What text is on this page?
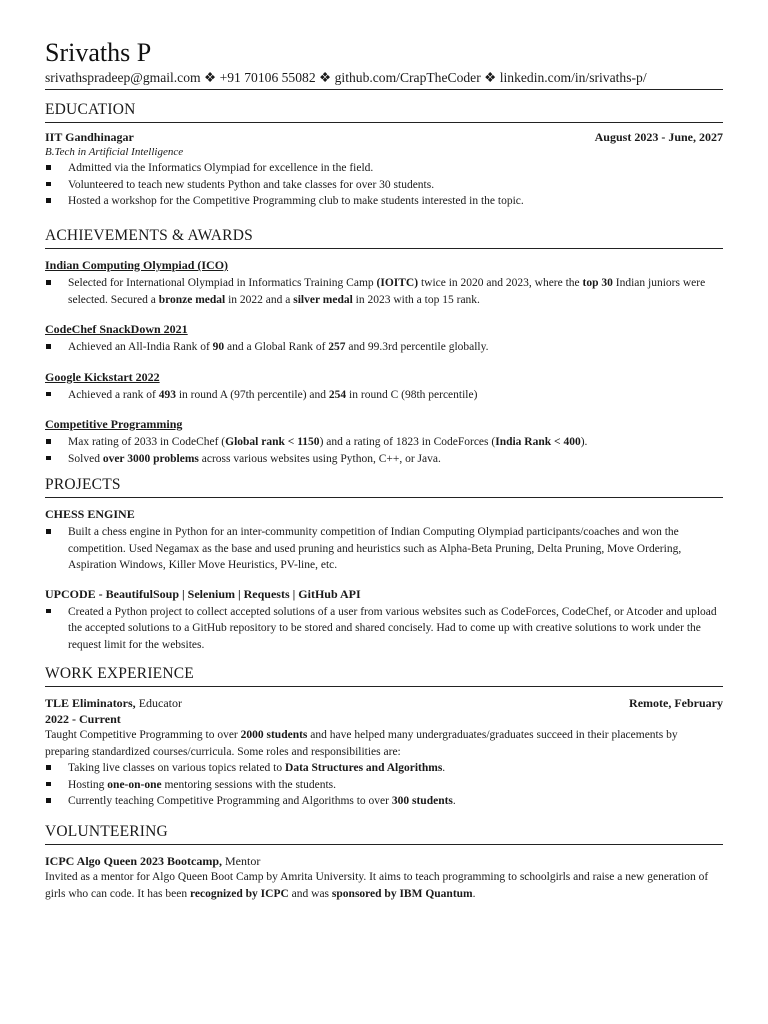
Srivaths P
srivathspradeep@gmail.com ❖ +91 70106 55082 ❖ github.com/CrapTheCoder ❖ linkedin.com/in/srivaths-p/
EDUCATION
IIT Gandhinagar	August 2023 - June, 2027
B.Tech in Artificial Intelligence
Admitted via the Informatics Olympiad for excellence in the field.
Volunteered to teach new students Python and take classes for over 30 students.
Hosted a workshop for the Competitive Programming club to make students interested in the topic.
ACHIEVEMENTS & AWARDS
Indian Computing Olympiad (ICO)
Selected for International Olympiad in Informatics Training Camp (IOITC) twice in 2020 and 2023, where the top 30 Indian juniors were selected. Secured a bronze medal in 2022 and a silver medal in 2023 with a top 15 rank.
CodeChef SnackDown 2021
Achieved an All-India Rank of 90 and a Global Rank of 257 and 99.3rd percentile globally.
Google Kickstart 2022
Achieved a rank of 493 in round A (97th percentile) and 254 in round C (98th percentile)
Competitive Programming
Max rating of 2033 in CodeChef (Global rank < 1150) and a rating of 1823 in CodeForces (India Rank < 400).
Solved over 3000 problems across various websites using Python, C++, or Java.
PROJECTS
CHESS ENGINE
Built a chess engine in Python for an inter-community competition of Indian Computing Olympiad participants/coaches and won the competition. Used Negamax as the base and used pruning and heuristics such as Alpha-Beta Pruning, Delta Pruning, Move Ordering, Aspiration Windows, Killer Move Heuristics, PV-line, etc.
UPCODE - BeautifulSoup | Selenium | Requests | GitHub API
Created a Python project to collect accepted solutions of a user from various websites such as CodeForces, CodeChef, or Atcoder and upload the accepted solutions to a GitHub repository to be stored and shared concisely. Had to come up with creative solutions to work under the request limit for the websites.
WORK EXPERIENCE
TLE Eliminators, Educator	Remote, February
2022 - Current
Taught Competitive Programming to over 2000 students and have helped many undergraduates/graduates succeed in their placements by preparing standardized courses/curricula. Some roles and responsibilities are:
Taking live classes on various topics related to Data Structures and Algorithms.
Hosting one-on-one mentoring sessions with the students.
Currently teaching Competitive Programming and Algorithms to over 300 students.
VOLUNTEERING
ICPC Algo Queen 2023 Bootcamp, Mentor
Invited as a mentor for Algo Queen Boot Camp by Amrita University. It aims to teach programming to schoolgirls and raise a new generation of girls who can code. It has been recognized by ICPC and was sponsored by IBM Quantum.
